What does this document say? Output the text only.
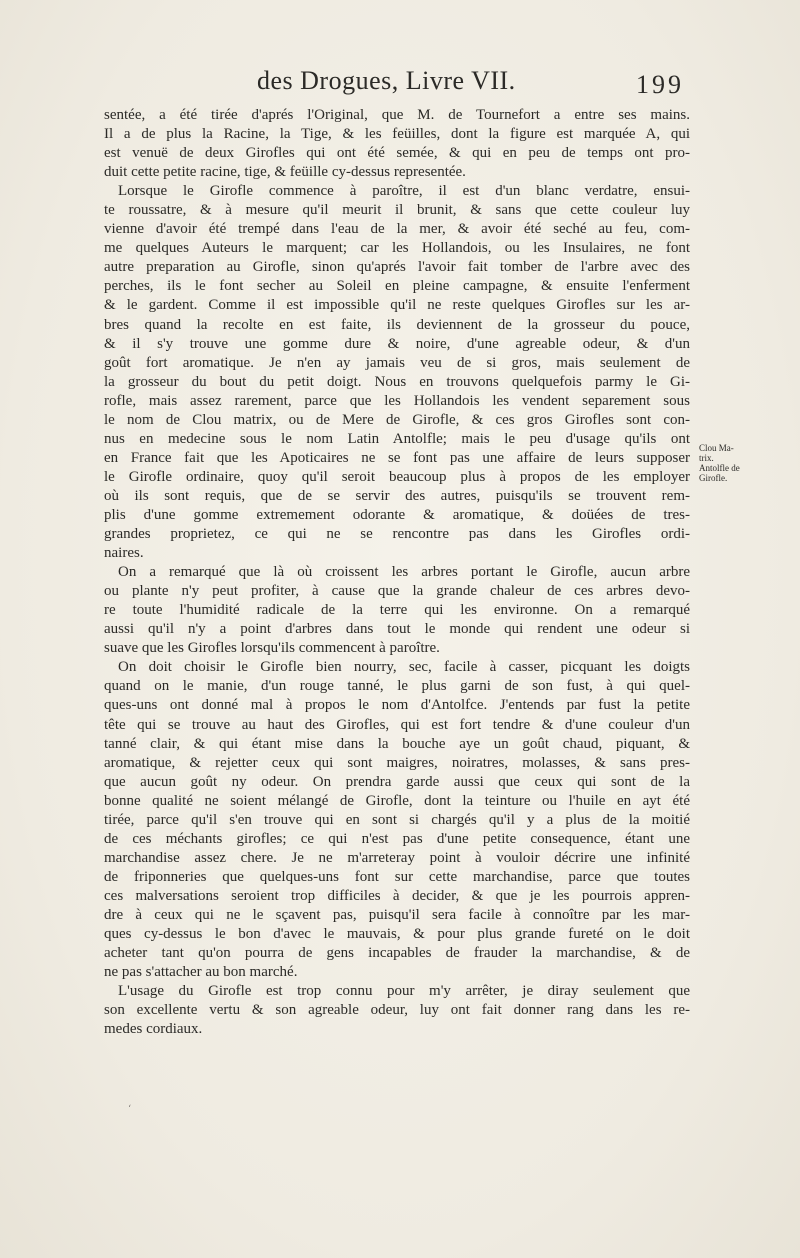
des Drogues, Livre VII.	199
sentée, a été tirée d'aprés l'Original, que M. de Tournefort a entre ses mains.
Il a de plus la Racine, la Tige, & les feüilles, dont la figure est marquée A, qui
est venuë de deux Girofles qui ont été semée, & qui en peu de temps ont pro-
duit cette petite racine, tige, & feüille cy-dessus representée.
Lorsque le Girofle commence à paroître, il est d'un blanc verdatre, ensui-
te roussatre, & à mesure qu'il meurit il brunit, & sans que cette couleur luy
vienne d'avoir été trempé dans l'eau de la mer, & avoir été seché au feu, com-
me quelques Auteurs le marquent; car les Hollandois, ou les Insulaires, ne font
autre preparation au Girofle, sinon qu'aprés l'avoir fait tomber de l'arbre avec des
perches, ils le font secher au Soleil en pleine campagne, & ensuite l'enferment
& le gardent. Comme il est impossible qu'il ne reste quelques Girofles sur les ar-
bres quand la recolte en est faite, ils deviennent de la grosseur du pouce,
& il s'y trouve une gomme dure & noire, d'une agreable odeur, & d'un
goût fort aromatique. Je n'en ay jamais veu de si gros, mais seulement de
la grosseur du bout du petit doigt. Nous en trouvons quelquefois parmy le Gi-
rofle, mais assez rarement, parce que les Hollandois les vendent separement sous
le nom de Clou matrix, ou de Mere de Girofle, & ces gros Girofles sont con-
nus en medecine sous le nom Latin Antolfle; mais le peu d'usage qu'ils ont
en France fait que les Apoticaires ne se font pas une affaire de leurs supposer
le Girofle ordinaire, quoy qu'il seroit beaucoup plus à propos de les employer
où ils sont requis, que de se servir des autres, puisqu'ils se trouvent rem-
plis d'une gomme extremement odorante & aromatique, & doüées de tres-
grandes proprietez, ce qui ne se rencontre pas dans les Girofles ordi-
naires.
On a remarqué que là où croissent les arbres portant le Girofle, aucun arbre
ou plante n'y peut profiter, à cause que la grande chaleur de ces arbres devo-
re toute l'humidité radicale de la terre qui les environne. On a remarqué
aussi qu'il n'y a point d'arbres dans tout le monde qui rendent une odeur si
suave que les Girofles lorsqu'ils commencent à paroître.
On doit choisir le Girofle bien nourry, sec, facile à casser, picquant les doigts
quand on le manie, d'un rouge tanné, le plus garni de son fust, à qui quel-
ques-uns ont donné mal à propos le nom d'Antolfce. J'entends par fust la petite
tête qui se trouve au haut des Girofles, qui est fort tendre & d'une couleur d'un
tanné clair, & qui étant mise dans la bouche aye un goût chaud, piquant, &
aromatique, & rejetter ceux qui sont maigres, noiratres, molasses, & sans pres-
que aucun goût ny odeur. On prendra garde aussi que ceux qui sont de la
bonne qualité ne soient mélangé de Girofle, dont la teinture ou l'huile en ayt été
tirée, parce qu'il s'en trouve qui en sont si chargés qu'il y a plus de la moitié
de ces méchants girofles; ce qui n'est pas d'une petite consequence, étant une
marchandise assez chere. Je ne m'arreteray point à vouloir décrire une infinité
de friponneries que quelques-uns font sur cette marchandise, parce que toutes
ces malversations seroient trop difficiles à decider, & que je les pourrois appren-
dre à ceux qui ne le sçavent pas, puisqu'il sera facile à connoître par les mar-
ques cy-dessus le bon d'avec le mauvais, & pour plus grande fureté on le doit
acheter tant qu'on pourra de gens incapables de frauder la marchandise, & de
ne pas s'attacher au bon marché.
L'usage du Girofle est trop connu pour m'y arrêter, je diray seulement que
son excellente vertu & son agreable odeur, luy ont fait donner rang dans les re-
medes cordiaux.
Clou Ma-
trix.
Antolfle de
Girofle.
‘
